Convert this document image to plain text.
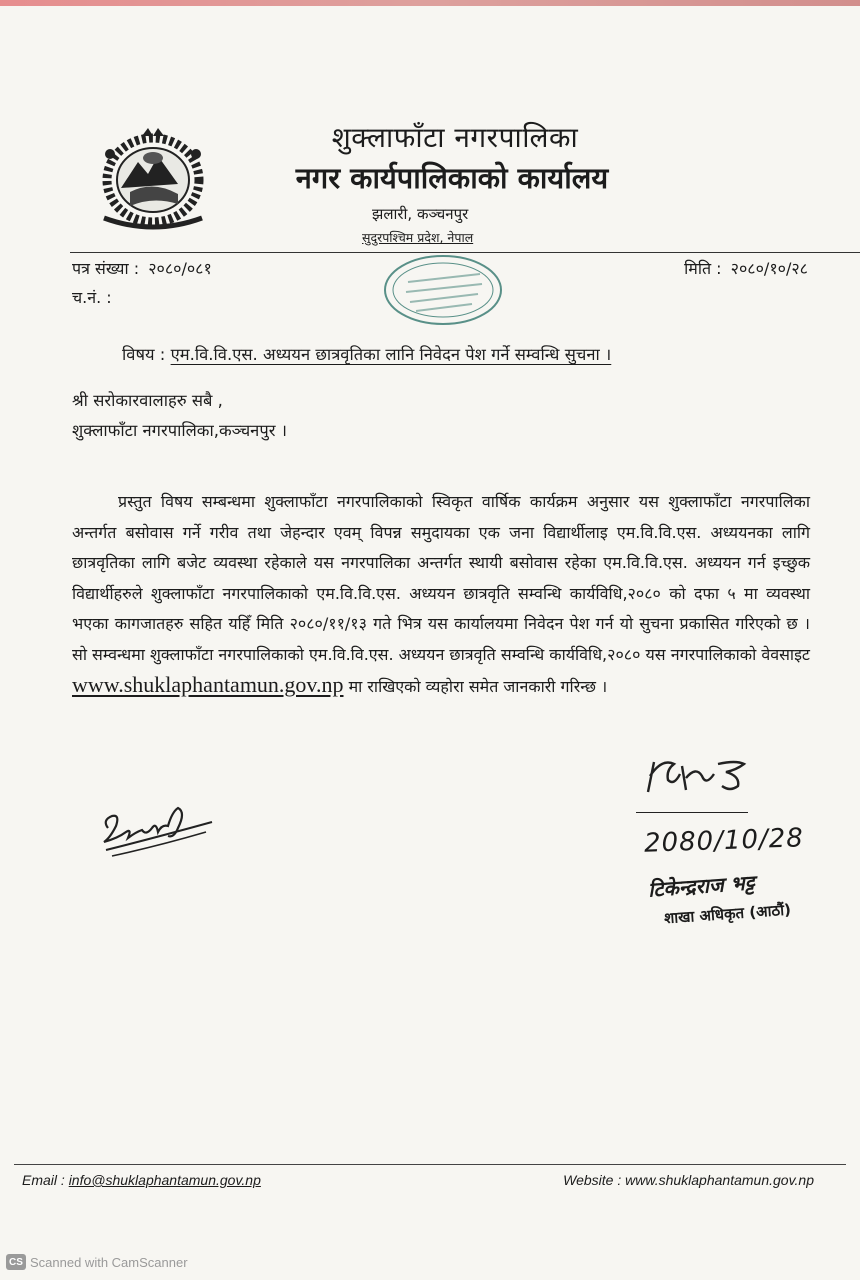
शुक्लाफाँटा नगरपालिका
नगर कार्यपालिकाको कार्यालय
झलारी, कञ्चनपुर
सुदुरपश्चिम प्रदेश, नेपाल
पत्र संख्या : २०८०/०८१
च.नं. :
मिति : २०८०/१०/२८
विषय : एम.वि.वि.एस. अध्ययन छात्रवृतिका लानि निवेदन पेश गर्ने सम्वन्धि सुचना ।
श्री सरोकारवालाहरु सबै ,
शुक्लाफाँटा नगरपालिका,कञ्चनपुर ।
प्रस्तुत विषय सम्बन्धमा शुक्लाफाँटा नगरपालिकाको स्विकृत वार्षिक कार्यक्रम अनुसार यस शुक्लाफाँटा नगरपालिका अन्तर्गत बसोवास गर्ने गरीव तथा जेहन्दार एवम् विपन्न समुदायका एक जना विद्यार्थीलाइ एम.वि.वि.एस. अध्ययनका लागि छात्रवृतिका लागि बजेट व्यवस्था रहेकाले यस नगरपालिका अन्तर्गत स्थायी बसोवास रहेका एम.वि.वि.एस. अध्ययन गर्न इच्छुक विद्यार्थीहरुले शुक्लाफाँटा नगरपालिकाको एम.वि.वि.एस. अध्ययन छात्रवृति सम्वन्धि कार्यविधि,२०८० को दफा ५ मा व्यवस्था भएका कागजातहरु सहित यहिँ मिति २०८०/११/१३ गते भित्र यस कार्यालयमा निवेदन पेश गर्न यो सुचना प्रकासित गरिएको छ । सो सम्वन्धमा शुक्लाफाँटा नगरपालिकाको एम.वि.वि.एस. अध्ययन छात्रवृति सम्वन्धि कार्यविधि,२०८० यस नगरपालिकाको वेवसाइट www.shuklaphantamun.gov.np मा राखिएको व्यहोरा समेत जानकारी गरिन्छ ।
2080/10/28
टिकेन्द्रराज भट्ट
शाखा अधिकृत (आठौं)
Email : info@shuklaphantamun.gov.np	Website : www.shuklaphantamun.gov.np
CS Scanned with CamScanner
